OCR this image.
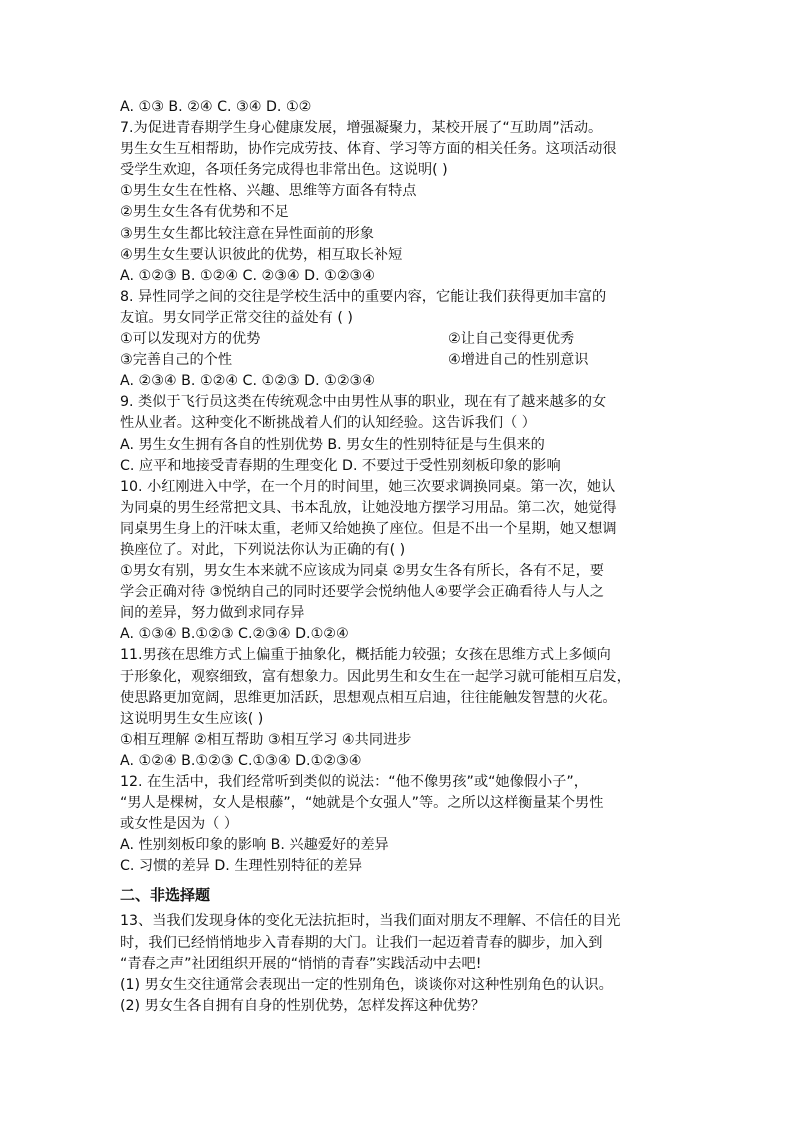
A. ①③ B. ②④ C. ③④ D. ①②
7.为促进青春期学生身心健康发展，增强凝聚力，某校开展了“互助周”活动。
男生女生互相帮助，协作完成劳技、体育、学习等方面的相关任务。这项活动很
受学生欢迎，各项任务完成得也非常出色。这说明( )
①男生女生在性格、兴趣、思维等方面各有特点
②男生女生各有优势和不足
③男生女生都比较注意在异性面前的形象
④男生女生要认识彼此的优势，相互取长补短
A. ①②③ B. ①②④ C. ②③④ D. ①②③④
8. 异性同学之间的交往是学校生活中的重要内容，它能让我们获得更加丰富的
友谊。男女同学正常交往的益处有 ( )
①可以发现对方的优势	②让自己变得更优秀
③完善自己的个性	④增进自己的性别意识
A. ②③④ B. ①②④ C. ①②③ D. ①②③④
9. 类似于飞行员这类在传统观念中由男性从事的职业，现在有了越来越多的女
性从业者。这种变化不断挑战着人们的认知经验。这告诉我们（ ）
A. 男生女生拥有各自的性别优势 B. 男女生的性别特征是与生俱来的
C. 应平和地接受青春期的生理变化 D. 不要过于受性别刻板印象的影响
10. 小红刚进入中学，在一个月的时间里，她三次要求调换同桌。第一次，她认
为同桌的男生经常把文具、书本乱放，让她没地方摆学习用品。第二次，她觉得
同桌男生身上的汗味太重，老师又给她换了座位。但是不出一个星期，她又想调
换座位了。对此，下列说法你认为正确的有( )
①男女有别，男女生本来就不应该成为同桌 ②男女生各有所长，各有不足，要
学会正确对待 ③悦纳自己的同时还要学会悦纳他人④要学会正确看待人与人之
间的差异，努力做到求同存异
A. ①③④ B.①②③ C.②③④ D.①②④
11.男孩在思维方式上偏重于抽象化，概括能力较强；女孩在思维方式上多倾向
于形象化，观察细致，富有想象力。因此男生和女生在一起学习就可能相互启发，
使思路更加宽阔，思维更加活跃，思想观点相互启迪，往往能触发智慧的火花。
这说明男生女生应该( )
①相互理解 ②相互帮助 ③相互学习 ④共同进步
A. ①②④ B.①②③ C.①③④ D.①②③④
12. 在生活中，我们经常听到类似的说法：“他不像男孩”或“她像假小子”，
“男人是棵树，女人是根藤”，“她就是个女强人”等。之所以这样衡量某个男性
或女性是因为（ ）
A. 性别刻板印象的影响 B. 兴趣爱好的差异
C. 习惯的差异 D. 生理性别特征的差异
二、非选择题
13、当我们发现身体的变化无法抗拒时，当我们面对朋友不理解、不信任的目光
时，我们已经悄悄地步入青春期的大门。让我们一起迈着青春的脚步，加入到
“青春之声”社团组织开展的“悄悄的青春”实践活动中去吧!
(1) 男女生交往通常会表现出一定的性别角色，谈谈你对这种性别角色的认识。
(2) 男女生各自拥有自身的性别优势，怎样发挥这种优势？
